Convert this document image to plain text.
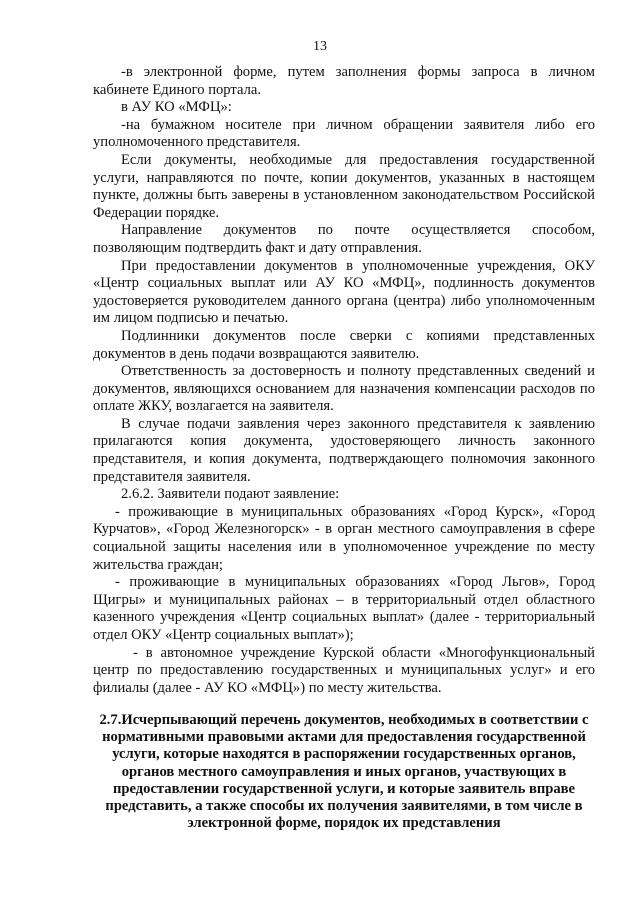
13

-в электронной форме, путем заполнения формы запроса в личном кабинете Единого портала.

в АУ КО «МФЦ»:

-на бумажном носителе при личном обращении заявителя либо его уполномоченного представителя.

Если документы, необходимые для предоставления государственной услуги, направляются по почте, копии документов, указанных в настоящем пункте, должны быть заверены в установленном законодательством Российской Федерации порядке.

Направление документов по почте осуществляется способом, позволяющим подтвердить факт и дату отправления.

При предоставлении документов в уполномоченные учреждения, ОКУ «Центр социальных выплат или АУ КО «МФЦ», подлинность документов удостоверяется руководителем данного органа (центра) либо уполномоченным им лицом подписью и печатью.

Подлинники документов после сверки с копиями представленных документов в день подачи возвращаются заявителю.

Ответственность за достоверность и полноту представленных сведений и документов, являющихся основанием для назначения компенсации расходов по оплате ЖКУ, возлагается на заявителя.

В случае подачи заявления через законного представителя к заявлению прилагаются копия документа, удостоверяющего личность законного представителя, и копия документа, подтверждающего полномочия законного представителя заявителя.

2.6.2. Заявители подают заявление:

- проживающие в муниципальных образованиях «Город Курск», «Город Курчатов», «Город Железногорск» - в орган местного самоуправления в сфере социальной защиты населения или в уполномоченное учреждение по месту жительства граждан;

- проживающие в муниципальных образованиях «Город Льгов», Город Щигры» и муниципальных районах – в территориальный отдел областного казенного учреждения «Центр социальных выплат» (далее - территориальный отдел ОКУ «Центр социальных выплат»);

- в автономное учреждение Курской области «Многофункциональный центр по предоставлению государственных и муниципальных услуг» и его филиалы (далее - АУ КО «МФЦ») по месту жительства.

2.7.Исчерпывающий перечень документов, необходимых в соответствии с нормативными правовыми актами для предоставления государственной услуги, которые находятся в распоряжении государственных органов, органов местного самоуправления и иных органов, участвующих в предоставлении государственной услуги, и которые заявитель вправе представить, а также способы их получения заявителями, в том числе в электронной форме, порядок их представления
